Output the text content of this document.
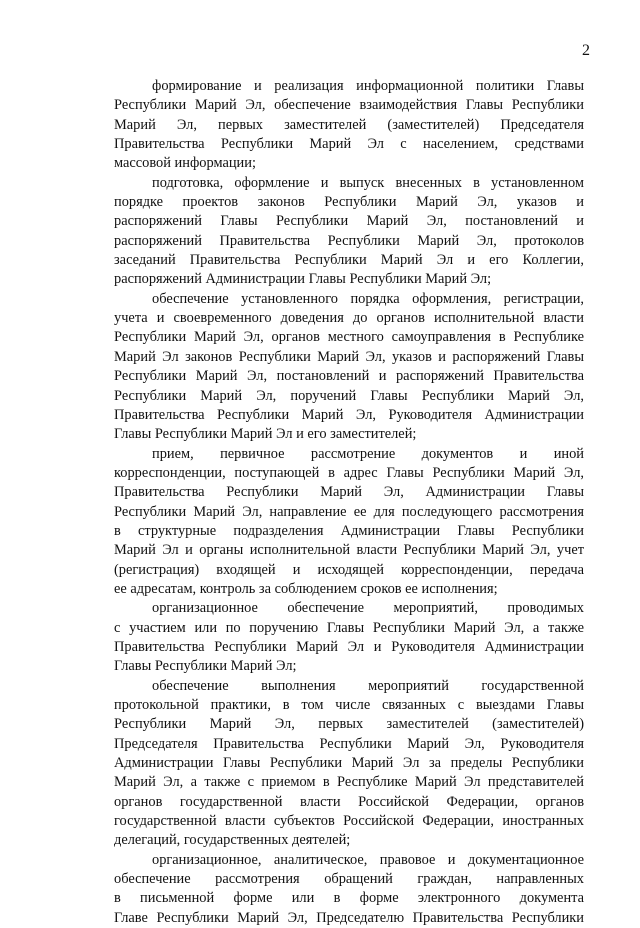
2
формирование и реализация информационной политики Главы
Республики Марий Эл, обеспечение взаимодействия Главы Республики
Марий Эл, первых заместителей (заместителей) Председателя
Правительства Республики Марий Эл с населением, средствами
массовой информации;
подготовка, оформление и выпуск внесенных в установленном
порядке проектов законов Республики Марий Эл, указов и
распоряжений Главы Республики Марий Эл, постановлений и
распоряжений Правительства Республики Марий Эл, протоколов
заседаний Правительства Республики Марий Эл и его Коллегии,
распоряжений Администрации Главы Республики Марий Эл;
обеспечение установленного порядка оформления, регистрации,
учета и своевременного доведения до органов исполнительной власти
Республики Марий Эл, органов местного самоуправления в Республике
Марий Эл законов Республики Марий Эл, указов и распоряжений Главы
Республики Марий Эл, постановлений и распоряжений Правительства
Республики Марий Эл, поручений Главы Республики Марий Эл,
Правительства Республики Марий Эл, Руководителя Администрации
Главы Республики Марий Эл и его заместителей;
прием, первичное рассмотрение документов и иной
корреспонденции, поступающей в адрес Главы Республики Марий Эл,
Правительства Республики Марий Эл, Администрации Главы
Республики Марий Эл, направление ее для последующего рассмотрения
в структурные подразделения Администрации Главы Республики
Марий Эл и органы исполнительной власти Республики Марий Эл, учет
(регистрация) входящей и исходящей корреспонденции, передача
ее адресатам, контроль за соблюдением сроков ее исполнения;
организационное обеспечение мероприятий, проводимых
с участием или по поручению Главы Республики Марий Эл, а также
Правительства Республики Марий Эл и Руководителя Администрации
Главы Республики Марий Эл;
обеспечение выполнения мероприятий государственной
протокольной практики, в том числе связанных с выездами Главы
Республики Марий Эл, первых заместителей (заместителей)
Председателя Правительства Республики Марий Эл, Руководителя
Администрации Главы Республики Марий Эл за пределы Республики
Марий Эл, а также с приемом в Республике Марий Эл представителей
органов государственной власти Российской Федерации, органов
государственной власти субъектов Российской Федерации, иностранных
делегаций, государственных деятелей;
организационное, аналитическое, правовое и документационное
обеспечение рассмотрения обращений граждан, направленных
в письменной форме или в форме электронного документа
Главе Республики Марий Эл, Председателю Правительства Республики
